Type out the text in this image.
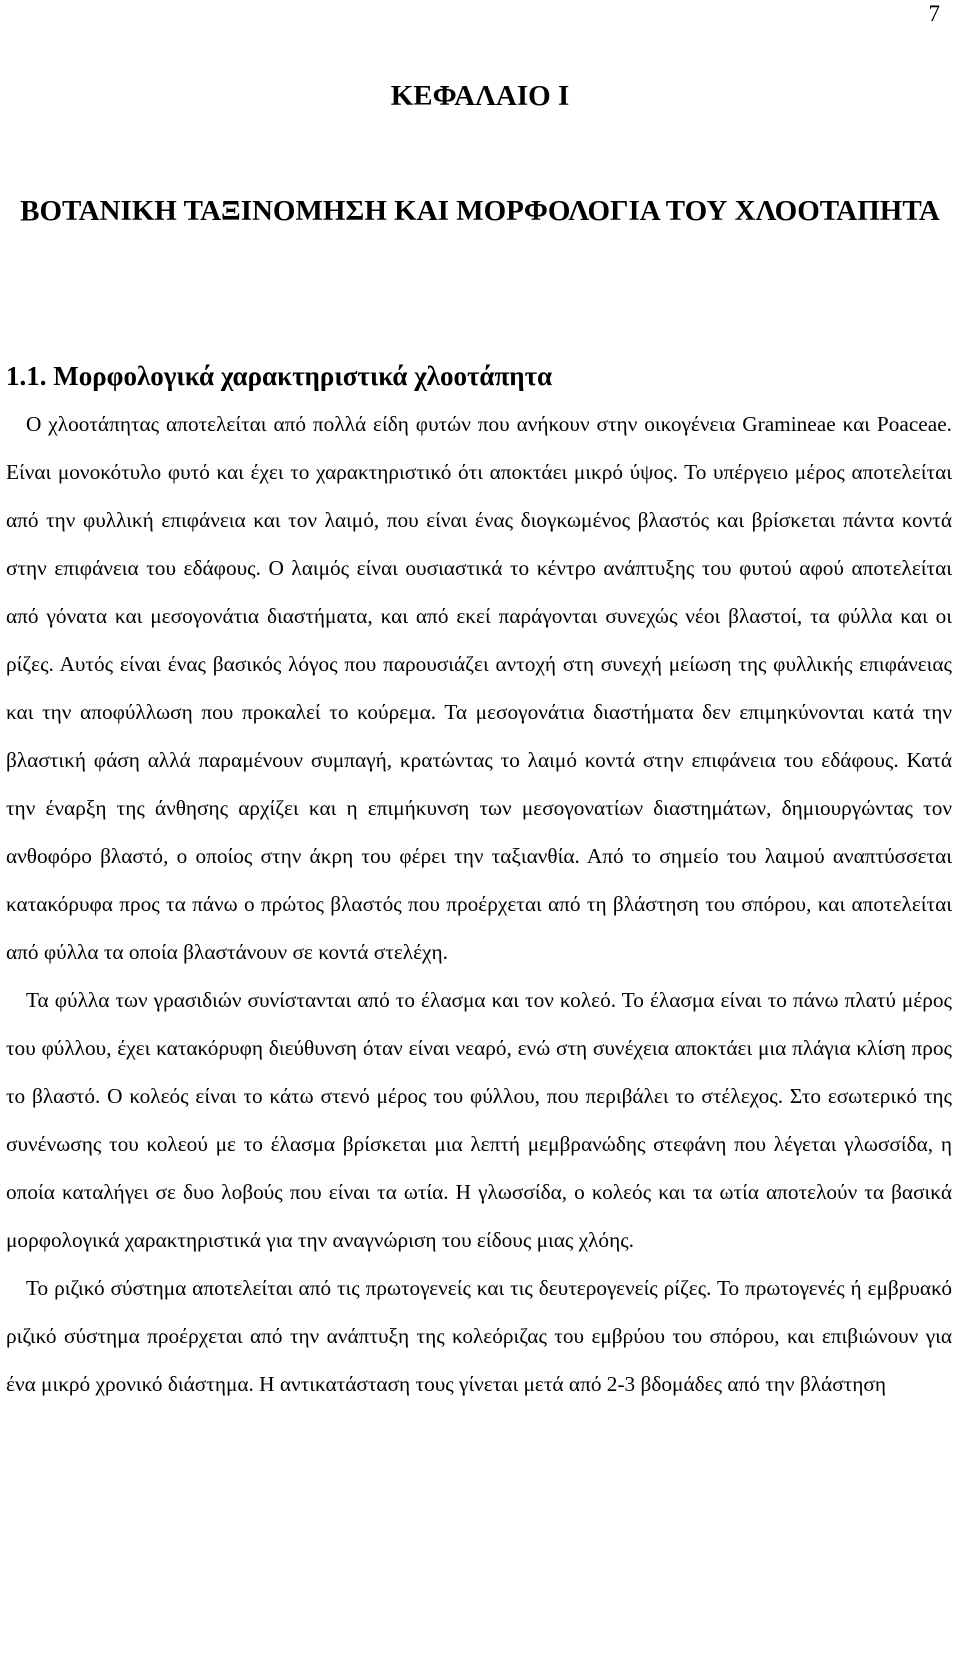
7
ΚΕΦΑΛΑΙΟ Ι
ΒΟΤΑΝΙΚΗ ΤΑΞΙΝΟΜΗΣΗ ΚΑΙ ΜΟΡΦΟΛΟΓΙΑ ΤΟΥ ΧΛΟΟΤΑΠΗΤΑ
1.1. Μορφολογικά χαρακτηριστικά χλοοτάπητα

Ο χλοοτάπητας αποτελείται από πολλά είδη φυτών που ανήκουν στην οικογένεια Gramineae και Poaceae. Είναι μονοκότυλο φυτό και έχει το χαρακτηριστικό ότι αποκτάει μικρό ύψος. Το υπέργειο μέρος αποτελείται από την φυλλική επιφάνεια και τον λαιμό, που είναι ένας διογκωμένος βλαστός και βρίσκεται πάντα κοντά στην επιφάνεια του εδάφους. Ο λαιμός είναι ουσιαστικά το κέντρο ανάπτυξης του φυτού αφού αποτελείται από γόνατα και μεσογονάτια διαστήματα, και από εκεί παράγονται συνεχώς νέοι βλαστοί, τα φύλλα και οι ρίζες. Αυτός είναι ένας βασικός λόγος που παρουσιάζει αντοχή στη συνεχή μείωση της φυλλικής επιφάνειας και την αποφύλλωση που προκαλεί το κούρεμα. Τα μεσογονάτια διαστήματα δεν επιμηκύνονται κατά την βλαστική φάση αλλά παραμένουν συμπαγή, κρατώντας το λαιμό κοντά στην επιφάνεια του εδάφους. Κατά την έναρξη της άνθησης αρχίζει και η επιμήκυνση των μεσογονατίων διαστημάτων, δημιουργώντας τον ανθοφόρο βλαστό, ο οποίος στην άκρη του φέρει την ταξιανθία. Από το σημείο του λαιμού αναπτύσσεται κατακόρυφα προς τα πάνω ο πρώτος βλαστός που προέρχεται από τη βλάστηση του σπόρου, και αποτελείται από φύλλα τα οποία βλαστάνουν σε κοντά στελέχη.

Τα φύλλα των γρασιδιών συνίστανται από το έλασμα και τον κολεό. Το έλασμα είναι το πάνω πλατύ μέρος του φύλλου, έχει κατακόρυφη διεύθυνση όταν είναι νεαρό, ενώ στη συνέχεια αποκτάει μια πλάγια κλίση προς το βλαστό. Ο κολεός είναι το κάτω στενό μέρος του φύλλου, που περιβάλει το στέλεχος. Στο εσωτερικό της συνένωσης του κολεού με το έλασμα βρίσκεται μια λεπτή μεμβρανώδης στεφάνη που λέγεται γλωσσίδα, η οποία καταλήγει σε δυο λοβούς που είναι τα ωτία. Η γλωσσίδα, ο κολεός και τα ωτία αποτελούν τα βασικά μορφολογικά χαρακτηριστικά για την αναγνώριση του είδους μιας χλόης.

Το ριζικό σύστημα αποτελείται από τις πρωτογενείς και τις δευτερογενείς ρίζες. Το πρωτογενές ή εμβρυακό ριζικό σύστημα προέρχεται από την ανάπτυξη της κολεόριζας του εμβρύου του σπόρου, και επιβιώνουν για ένα μικρό χρονικό διάστημα. Η αντικατάσταση τους γίνεται μετά από 2-3 βδομάδες από την βλάστηση
